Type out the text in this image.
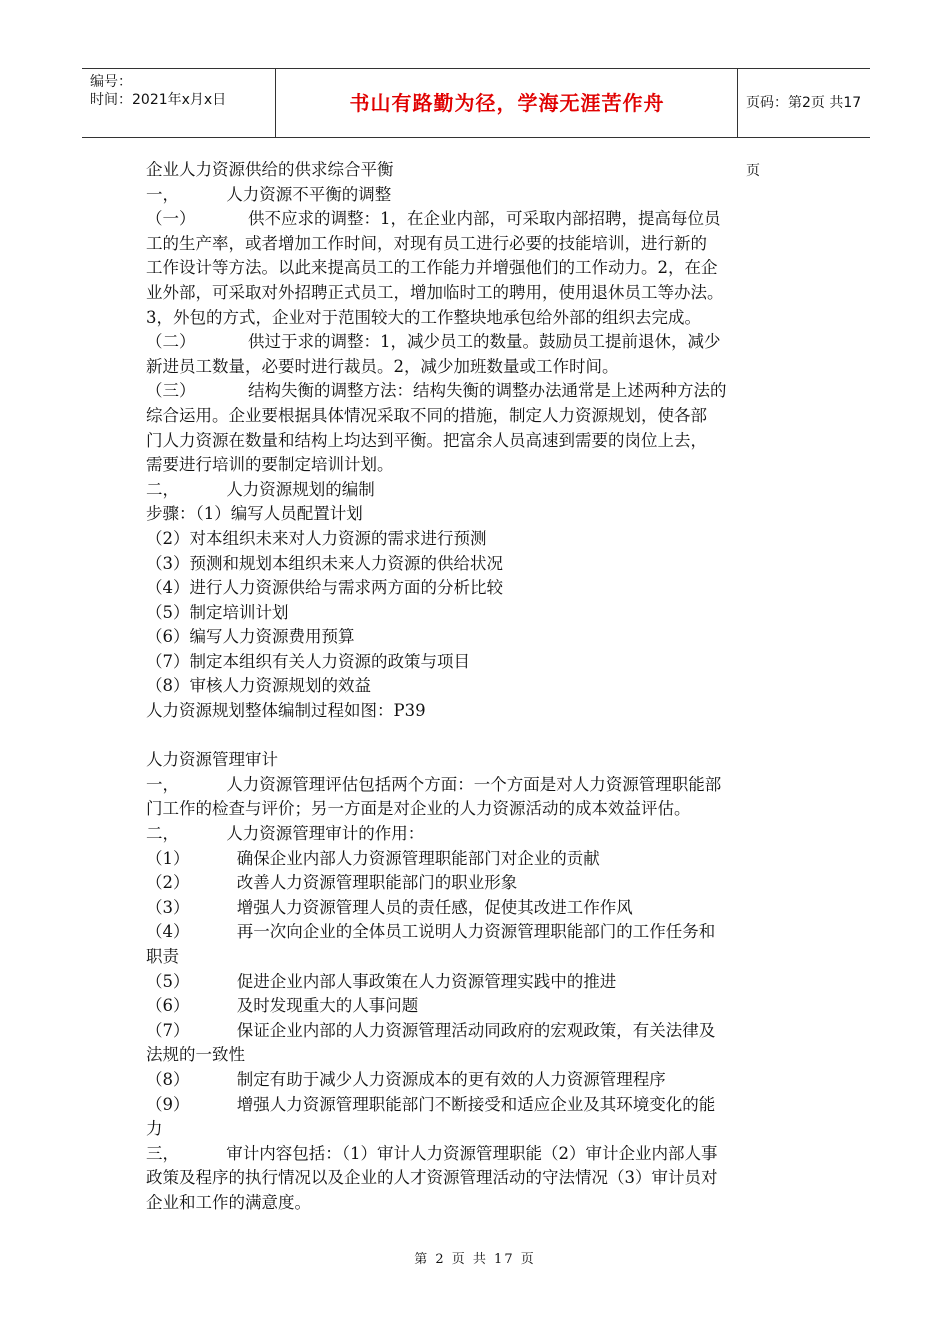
编号：
时间：2021年x月x日	书山有路勤为径，学海无涯苦作舟	页码：第2页 共17页

企业人力资源供给的供求综合平衡

一，         人力资源不平衡的调整

（一）          供不应求的调整：1，在企业内部，可采取内部招聘，提高每位员

工的生产率，或者增加工作时间，对现有员工进行必要的技能培训，进行新的

工作设计等方法。以此来提高员工的工作能力并增强他们的工作动力。2，在企

业外部，可采取对外招聘正式员工，增加临时工的聘用，使用退休员工等办法。

3，外包的方式，企业对于范围较大的工作整块地承包给外部的组织去完成。

（二）          供过于求的调整：1，减少员工的数量。鼓励员工提前退休，减少

新进员工数量，必要时进行裁员。2，减少加班数量或工作时间。

（三）          结构失衡的调整方法：结构失衡的调整办法通常是上述两种方法的

综合运用。企业要根据具体情况采取不同的措施，制定人力资源规划，使各部

门人力资源在数量和结构上均达到平衡。把富余人员高速到需要的岗位上去，

需要进行培训的要制定培训计划。

二，         人力资源规划的编制

步骤：（1）编写人员配置计划

（2）对本组织未来对人力资源的需求进行预测

（3）预测和规划本组织未来人力资源的供给状况

（4）进行人力资源供给与需求两方面的分析比较

（5）制定培训计划

（6）编写人力资源费用预算

（7）制定本组织有关人力资源的政策与项目

（8）审核人力资源规划的效益

人力资源规划整体编制过程如图：P39

人力资源管理审计

一，         人力资源管理评估包括两个方面：一个方面是对人力资源管理职能部

门工作的检查与评价；另一方面是对企业的人力资源活动的成本效益评估。

二，         人力资源管理审计的作用：

（1）         确保企业内部人力资源管理职能部门对企业的贡献

（2）         改善人力资源管理职能部门的职业形象

（3）         增强人力资源管理人员的责任感，促使其改进工作作风

（4）         再一次向企业的全体员工说明人力资源管理职能部门的工作任务和

职责

（5）         促进企业内部人事政策在人力资源管理实践中的推进

（6）         及时发现重大的人事问题

（7）         保证企业内部的人力资源管理活动同政府的宏观政策，有关法律及

法规的一致性

（8）         制定有助于减少人力资源成本的更有效的人力资源管理程序

（9）         增强人力资源管理职能部门不断接受和适应企业及其环境变化的能

力

三，         审计内容包括：（1）审计人力资源管理职能（2）审计企业内部人事

政策及程序的执行情况以及企业的人才资源管理活动的守法情况（3）审计员对

企业和工作的满意度。

第 2 页 共 17 页
